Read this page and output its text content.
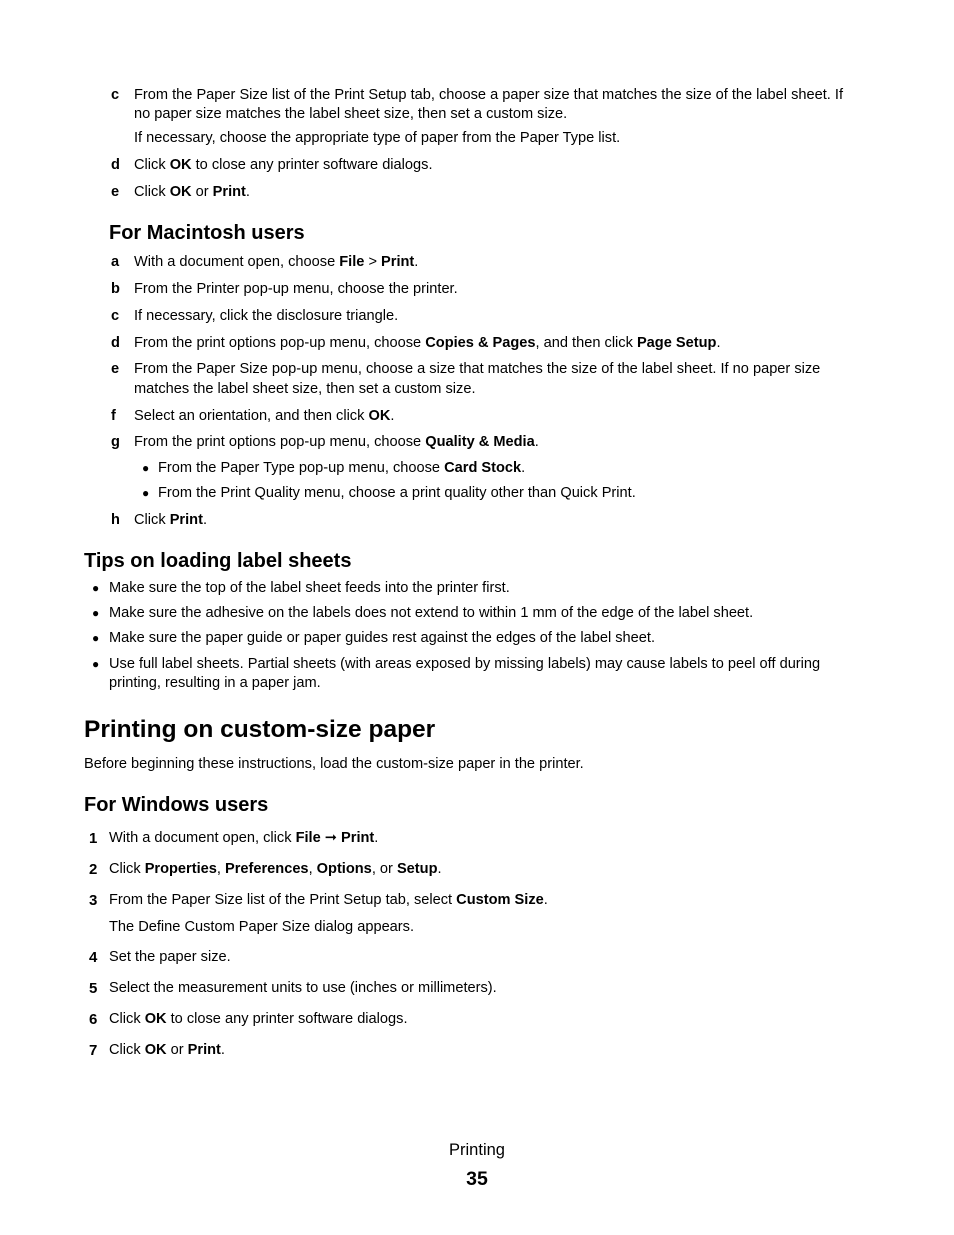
c From the Paper Size list of the Print Setup tab, choose a paper size that matches the size of the label sheet. If
no paper size matches the label sheet size, then set a custom size.
If necessary, choose the appropriate type of paper from the Paper Type list.
d Click OK to close any printer software dialogs.
e Click OK or Print.
For Macintosh users
a With a document open, choose File > Print.
b From the Printer pop-up menu, choose the printer.
c If necessary, click the disclosure triangle.
d From the print options pop-up menu, choose Copies & Pages, and then click Page Setup.
e From the Paper Size pop-up menu, choose a size that matches the size of the label sheet. If no paper size
matches the label sheet size, then set a custom size.
f Select an orientation, and then click OK.
g From the print options pop-up menu, choose Quality & Media.
● From the Paper Type pop-up menu, choose Card Stock.
● From the Print Quality menu, choose a print quality other than Quick Print.
h Click Print.
Tips on loading label sheets
● Make sure the top of the label sheet feeds into the printer first.
● Make sure the adhesive on the labels does not extend to within 1 mm of the edge of the label sheet.
● Make sure the paper guide or paper guides rest against the edges of the label sheet.
● Use full label sheets. Partial sheets (with areas exposed by missing labels) may cause labels to peel off during
printing, resulting in a paper jam.
Printing on custom-size paper
Before beginning these instructions, load the custom-size paper in the printer.
For Windows users
1 With a document open, click File ➞ Print.
2 Click Properties, Preferences, Options, or Setup.
3 From the Paper Size list of the Print Setup tab, select Custom Size.
The Define Custom Paper Size dialog appears.
4 Set the paper size.
5 Select the measurement units to use (inches or millimeters).
6 Click OK to close any printer software dialogs.
7 Click OK or Print.
Printing
35
